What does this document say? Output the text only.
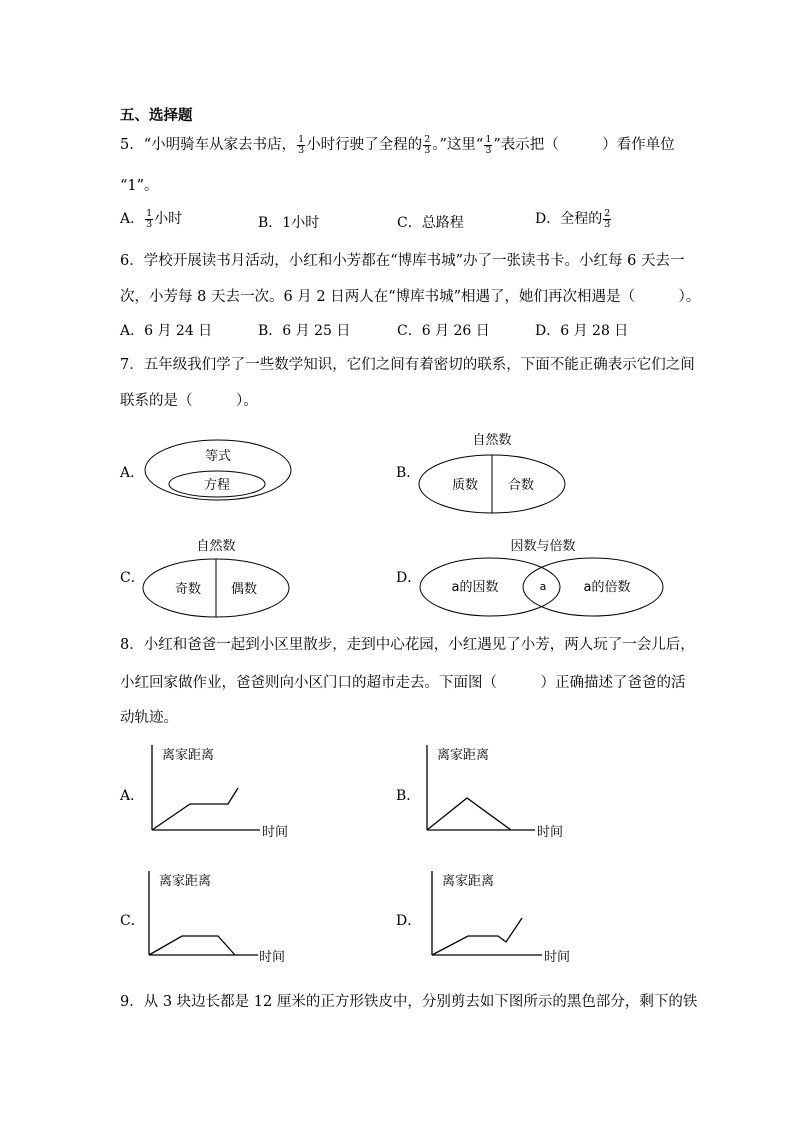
五、选择题
5．“小明骑车从家去书店， $\frac{1}{3}$ 小时行驶了全程的 $\frac{2}{3}$ 。”这里“ $\frac{1}{3}$ ”表示把（　　　）看作单位
“1”。
A． $\frac{1}{3}$ 小时	B．1小时	C．总路程	D．全程的 $\frac{2}{3}$
6．学校开展读书月活动，小红和小芳都在“博库书城”办了一张读书卡。小红每 6 天去一
次，小芳每 8 天去一次。6 月 2 日两人在“博库书城”相遇了，她们再次相遇是（　　　）。
A．6 月 24 日	B．6 月 25 日	C．6 月 26 日	D．6 月 28 日
7．五年级我们学了一些数学知识，它们之间有着密切的联系，下面不能正确表示它们之间
联系的是（　　　）。
A．
等式
方程
B．
自然数
质数 合数
C．
自然数
奇数 偶数
D．
因数与倍数
a的因数	a	a的倍数
8．小红和爸爸一起到小区里散步，走到中心花园，小红遇见了小芳，两人玩了一会儿后，
小红回家做作业，爸爸则向小区门口的超市走去。下面图（　　　）正确描述了爸爸的活
动轨迹。
A．
离家距离
时间
B．
离家距离
时间
C．
离家距离
时间
D．
离家距离
时间
9．从 3 块边长都是 12 厘米的正方形铁皮中，分别剪去如下图所示的黑色部分，剩下的铁
